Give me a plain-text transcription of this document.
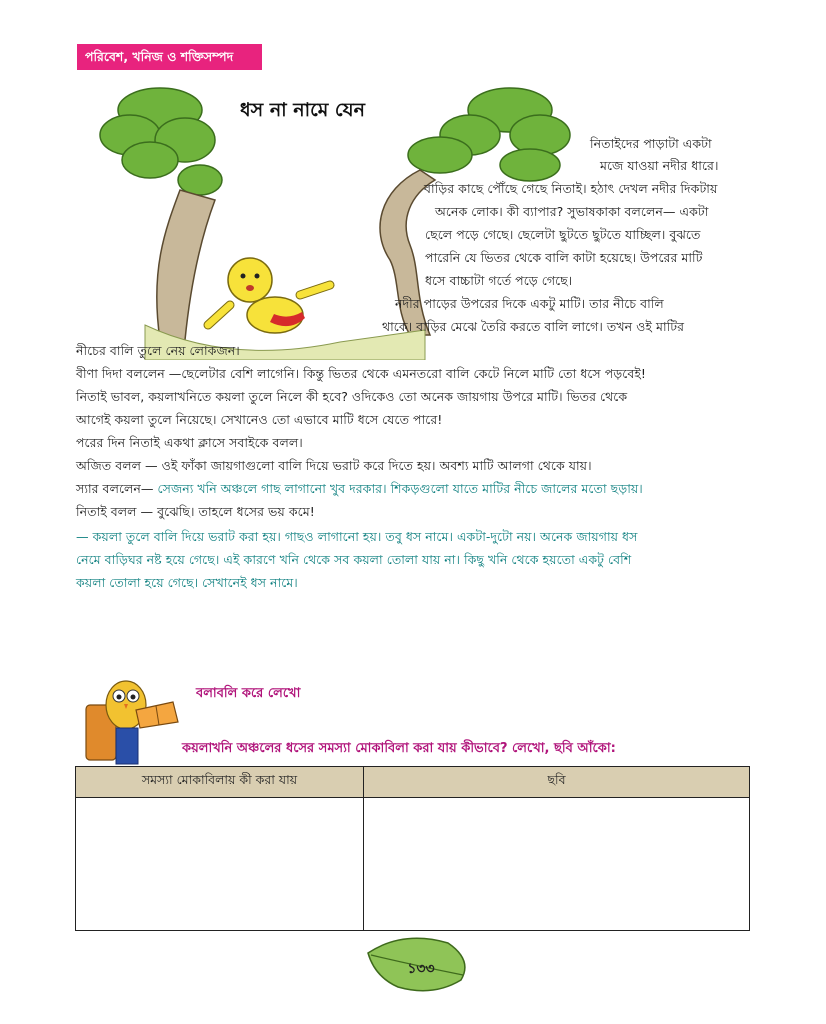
পরিবেশ, খনিজ ও শক্তিসম্পদ
ধস না নামে যেন
নিতাইদের পাড়াটা একটা
মজে যাওয়া নদীর ধারে।
বাড়ির কাছে পৌঁছে গেছে নিতাই। হঠাৎ দেখল নদীর দিকটায়
অনেক লোক। কী ব্যাপার? সুভাষকাকা বললেন— একটা
ছেলে পড়ে গেছে। ছেলেটা ছুটতে ছুটতে যাচ্ছিল। বুঝতে
পারেনি যে ভিতর থেকে বালি কাটা হয়েছে। উপরের মাটি
ধসে বাচ্চাটা গর্তে পড়ে গেছে।
নদীর পাড়ের উপরের দিকে একটু মাটি। তার নীচে বালি
থাকে। বাড়ির মেঝে তৈরি করতে বালি লাগে। তখন ওই মাটির
নীচের বালি তুলে নেয় লোকজন।
বীণা দিদা বললেন —ছেলেটার বেশি লাগেনি। কিন্তু ভিতর থেকে এমনতরো বালি কেটে নিলে মাটি তো ধসে পড়বেই!
নিতাই ভাবল, কয়লাখনিতে কয়লা তুলে নিলে কী হবে? ওদিকেও তো অনেক জায়গায় উপরে মাটি। ভিতর থেকে
আগেই কয়লা তুলে নিয়েছে। সেখানেও তো এভাবে মাটি ধসে যেতে পারে!
পরের দিন নিতাই একথা ক্লাসে সবাইকে বলল।
অজিত বলল — ওই ফাঁকা জায়গাগুলো বালি দিয়ে ভরাট করে দিতে হয়। অবশ্য মাটি আলগা থেকে যায়।
স্যার বললেন— সেজন্য খনি অঞ্চলে গাছ লাগানো খুব দরকার। শিকড়গুলো যাতে মাটির নীচে জালের মতো ছড়ায়।
নিতাই বলল — বুঝেছি। তাহলে ধসের ভয় কমে!
— কয়লা তুলে বালি দিয়ে ভরাট করা হয়। গাছও লাগানো হয়। তবু ধস নামে। একটা-দুটো নয়। অনেক জায়গায় ধস
নেমে বাড়িঘর নষ্ট হয়ে গেছে। এই কারণে খনি থেকে সব কয়লা তোলা যায় না। কিছু খনি থেকে হয়তো একটু বেশি
কয়লা তোলা হয়ে গেছে। সেখানেই ধস নামে।
বলাবলি করে লেখো
কয়লাখনি অঞ্চলের ধসের সমস্যা মোকাবিলা করা যায় কীভাবে? লেখো, ছবি আঁকো:
সমস্যা মোকাবিলায় কী করা যায়	ছবি

১৩৩
